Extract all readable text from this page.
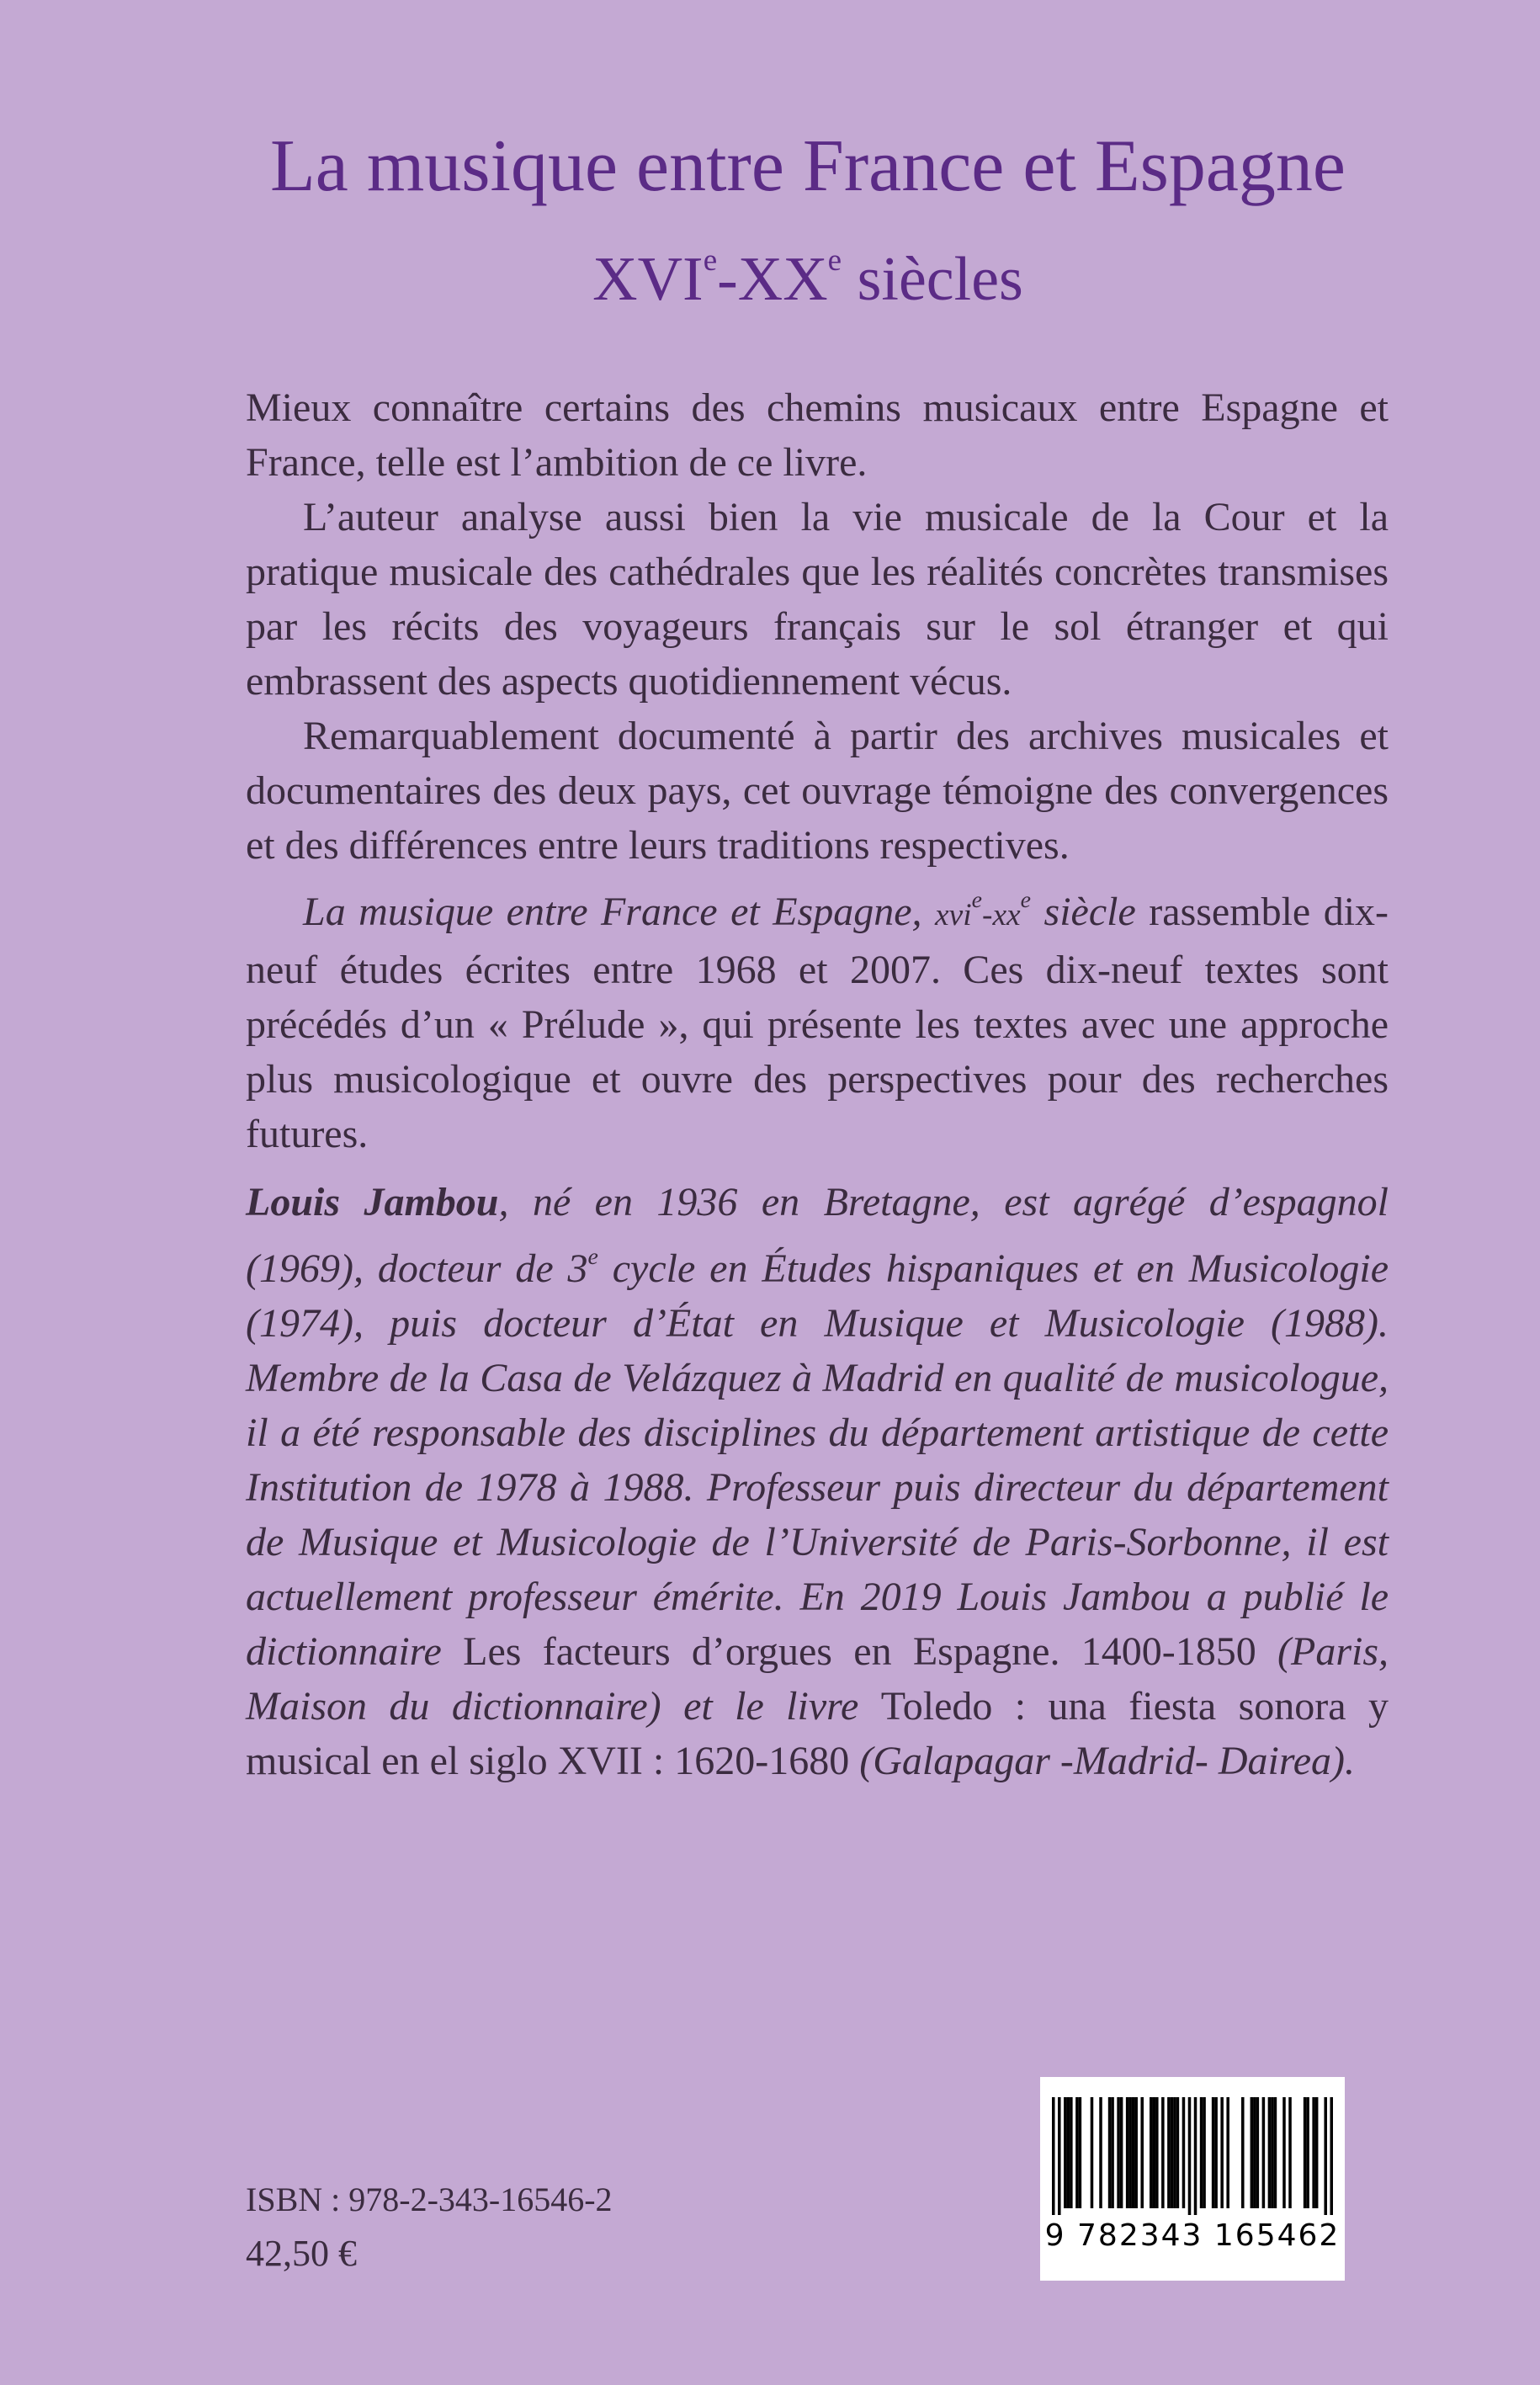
La musique entre France et Espagne
XVIe-XXe siècles

Mieux connaître certains des chemins musicaux entre Espagne et France, telle est l’ambition de ce livre.

L’auteur analyse aussi bien la vie musicale de la Cour et la pratique musicale des cathédrales que les réalités concrètes transmises par les récits des voyageurs français sur le sol étranger et qui embrassent des aspects quotidiennement vécus.

Remarquablement documenté à partir des archives musicales et documentaires des deux pays, cet ouvrage témoigne des convergences et des différences entre leurs traditions respectives.

La musique entre France et Espagne, $xvi^e-xx^e$ siècle rassemble dix-neuf études écrites entre 1968 et 2007. Ces dix-neuf textes sont précédés d’un « Prélude », qui présente les textes avec une approche plus musicologique et ouvre des perspectives pour des recherches futures.

Louis Jambou, né en 1936 en Bretagne, est agrégé d’espagnol (1969), docteur de 3e cycle en Études hispaniques et en Musicologie (1974), puis docteur d’État en Musique et Musicologie (1988). Membre de la Casa de Velázquez à Madrid en qualité de musicologue, il a été responsable des disciplines du département artistique de cette Institution de 1978 à 1988. Professeur puis directeur du département de Musique et Musicologie de l’Université de Paris-Sorbonne, il est actuellement professeur émérite. En 2019 Louis Jambou a publié le dictionnaire Les facteurs d’orgues en Espagne. 1400-1850 (Paris, Maison du dictionnaire) et le livre Toledo : una fiesta sonora y musical en el siglo XVII : 1620-1680 (Galapagar -Madrid- Dairea).

ISBN : 978-2-343-16546-2
42,50 €	9 782343 165462
